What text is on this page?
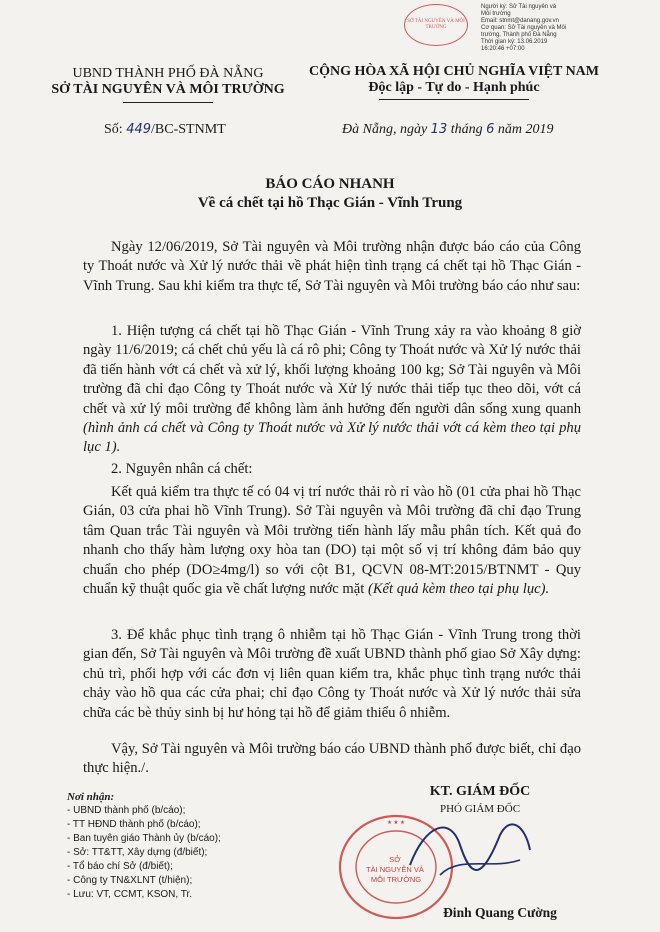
SỞ TÀI NGUYÊN VÀ MÔI TRƯỜNG
Người ký: Sở Tài nguyên và
Môi trường
Email: stnmt@danang.gov.vn
Cơ quan: Sở Tài nguyên và Môi
trường, Thành phố Đà Nẵng
Thời gian ký: 13.06.2019
16:20:46 +07:00
UBND THÀNH PHỐ ĐÀ NẴNG
SỞ TÀI NGUYÊN VÀ MÔI TRƯỜNG
CỘNG HÒA XÃ HỘI CHỦ NGHĨA VIỆT NAM
Độc lập - Tự do - Hạnh phúc
Số: 449/BC-STNMT	Đà Nẵng, ngày 13 tháng 6 năm 2019
BÁO CÁO NHANH
Về cá chết tại hồ Thạc Gián - Vĩnh Trung

Ngày 12/06/2019, Sở Tài nguyên và Môi trường nhận được báo cáo của Công ty Thoát nước và Xử lý nước thải về phát hiện tình trạng cá chết tại hồ Thạc Gián - Vĩnh Trung. Sau khi kiểm tra thực tế, Sở Tài nguyên và Môi trường báo cáo như sau:

1. Hiện tượng cá chết tại hồ Thạc Gián - Vĩnh Trung xảy ra vào khoảng 8 giờ ngày 11/6/2019; cá chết chủ yếu là cá rô phi; Công ty Thoát nước và Xử lý nước thải đã tiến hành vớt cá chết và xử lý, khối lượng khoảng 100 kg; Sở Tài nguyên và Môi trường đã chỉ đạo Công ty Thoát nước và Xử lý nước thải tiếp tục theo dõi, vớt cá chết và xử lý môi trường để không làm ảnh hưởng đến người dân sống xung quanh (hình ảnh cá chết và Công ty Thoát nước và Xử lý nước thải vớt cá kèm theo tại phụ lục 1).

2. Nguyên nhân cá chết:

Kết quả kiểm tra thực tế có 04 vị trí nước thải rò rỉ vào hồ (01 cửa phai hồ Thạc Gián, 03 cửa phai hồ Vĩnh Trung). Sở Tài nguyên và Môi trường đã chỉ đạo Trung tâm Quan trắc Tài nguyên và Môi trường tiến hành lấy mẫu phân tích. Kết quả đo nhanh cho thấy hàm lượng oxy hòa tan (DO) tại một số vị trí không đảm bảo quy chuẩn cho phép (DO≥4mg/l) so với cột B1, QCVN 08-MT:2015/BTNMT - Quy chuẩn kỹ thuật quốc gia về chất lượng nước mặt (Kết quả kèm theo tại phụ lục).

3. Để khắc phục tình trạng ô nhiễm tại hồ Thạc Gián - Vĩnh Trung trong thời gian đến, Sở Tài nguyên và Môi trường đề xuất UBND thành phố giao Sở Xây dựng: chủ trì, phối hợp với các đơn vị liên quan kiểm tra, khắc phục tình trạng nước thải chảy vào hồ qua các cửa phai; chỉ đạo Công ty Thoát nước và Xử lý nước thải sửa chữa các bè thủy sinh bị hư hỏng tại hồ để giảm thiểu ô nhiễm.

Vậy, Sở Tài nguyên và Môi trường báo cáo UBND thành phố được biết, chỉ đạo thực hiện./.

Nơi nhận:
- UBND thành phố (b/cáo);
- TT HĐND thành phố (b/cáo);
- Ban tuyên giáo Thành ủy (b/cáo);
- Sở: TT&TT, Xây dựng (đ/biết);
- Tổ báo chí Sở (đ/biết);
- Công ty TN&XLNT (t/hiện);
- Lưu: VT, CCMT, KSON, Tr.
KT. GIÁM ĐỐC
PHÓ GIÁM ĐỐC
SỞ TÀI NGUYÊN VÀ MÔI TRƯỜNG
★ ★ ★
Đinh Quang Cường
